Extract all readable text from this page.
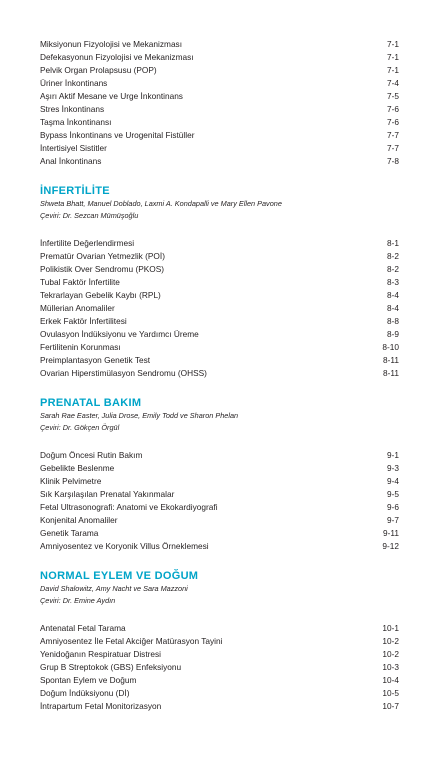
Miksiyonun Fizyolojisi ve Mekanizması	7-1
Defekasyonun Fizyolojisi ve Mekanizması	7-1
Pelvik Organ Prolapsusu (POP)	7-1
Üriner İnkontinans	7-4
Aşırı Aktif Mesane ve Urge İnkontinans	7-5
Stres İnkontinans	7-6
Taşma İnkontinansı	7-6
Bypass İnkontinans ve Urogenital Fistüller	7-7
İntertisiyel Sistitler	7-7
Anal İnkontinans	7-8
İNFERTİLİTE
Shweta Bhatt, Manuel Doblado, Laxmi A. Kondapalli ve Mary Ellen Pavone
Çeviri: Dr. Sezcan Mümüşoğlu
İnfertilite Değerlendirmesi	8-1
Prematür Ovarian Yetmezlik (POİ)	8-2
Polikistik Over Sendromu (PKOS)	8-2
Tubal Faktör İnfertilite	8-3
Tekrarlayan Gebelik Kaybı (RPL)	8-4
Müllerian Anomaliler	8-4
Erkek Faktör İnfertilitesi	8-8
Ovulasyon İndüksiyonu ve Yardımcı Üreme	8-9
Fertilitenin Korunması	8-10
Preimplantasyon Genetik Test	8-11
Ovarian Hiperstimülasyon Sendromu (OHSS)	8-11
PRENATAL BAKIM
Sarah Rae Easter, Julia Drose, Emily Todd ve Sharon Phelan
Çeviri: Dr. Gökçen Örgül
Doğum Öncesi Rutin Bakım	9-1
Gebelikte Beslenme	9-3
Klinik Pelvimetre	9-4
Sık Karşılaşılan Prenatal Yakınmalar	9-5
Fetal Ultrasonografi: Anatomi ve Ekokardiyografi	9-6
Konjenital Anomaliler	9-7
Genetik Tarama	9-11
Amniyosentez ve Koryonik Villus Örneklemesi	9-12
NORMAL EYLEM VE DOĞUM
David Shalowitz, Amy Nacht ve Sara Mazzoni
Çeviri: Dr. Emine Aydın
Antenatal Fetal Tarama	10-1
Amniyosentez İle Fetal Akciğer Matürasyon Tayini	10-2
Yenidoğanın Respiratuar Distresi	10-2
Grup B Streptokok (GBS) Enfeksiyonu	10-3
Spontan Eylem ve Doğum	10-4
Doğum İndüksiyonu (Dİ)	10-5
İntrapartum Fetal Monitorizasyon	10-7
